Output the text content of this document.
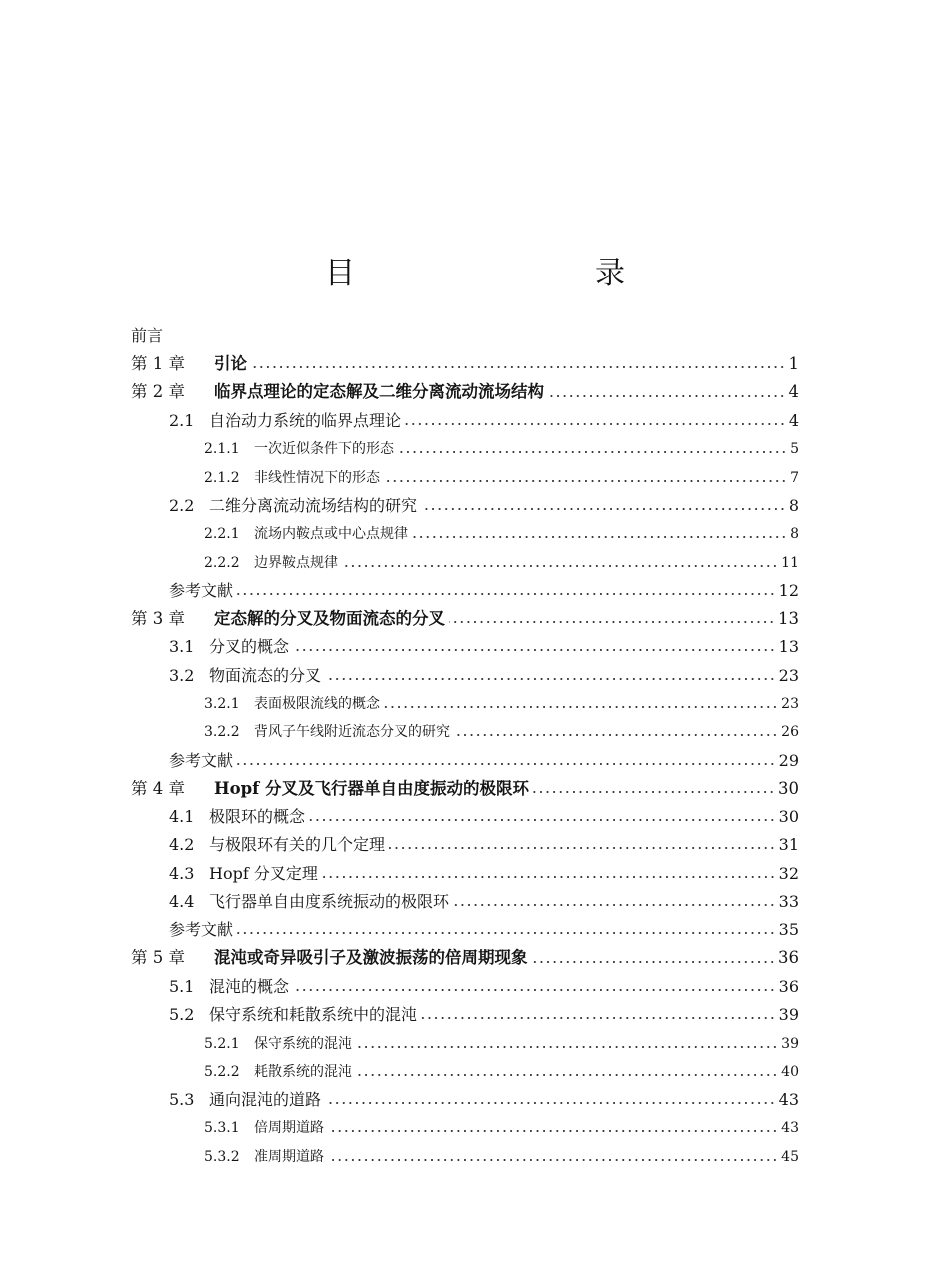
目　　录
前言
第 1 章	引论	1
第 2 章	临界点理论的定态解及二维分离流动流场结构	4
2.1 自治动力系统的临界点理论	4
2.1.1	一次近似条件下的形态	5
2.1.2	非线性情况下的形态	7
2.2 二维分离流动流场结构的研究	8
2.2.1	流场内鞍点或中心点规律	8
2.2.2	边界鞍点规律	11
参考文献	12
第 3 章	定态解的分叉及物面流态的分叉	13
3.1 分叉的概念	13
3.2 物面流态的分叉	23
3.2.1	表面极限流线的概念	23
3.2.2	背风子午线附近流态分叉的研究	26
参考文献	29
第 4 章	Hopf 分叉及飞行器单自由度振动的极限环	30
4.1 极限环的概念	30
4.2 与极限环有关的几个定理	31
4.3 Hopf 分叉定理	32
4.4 飞行器单自由度系统振动的极限环	33
参考文献	35
第 5 章	混沌或奇异吸引子及激波振荡的倍周期现象	36
5.1 混沌的概念	36
5.2 保守系统和耗散系统中的混沌	39
5.2.1	保守系统的混沌	39
5.2.2	耗散系统的混沌	40
5.3 通向混沌的道路	43
5.3.1	倍周期道路	43
5.3.2	准周期道路	45
